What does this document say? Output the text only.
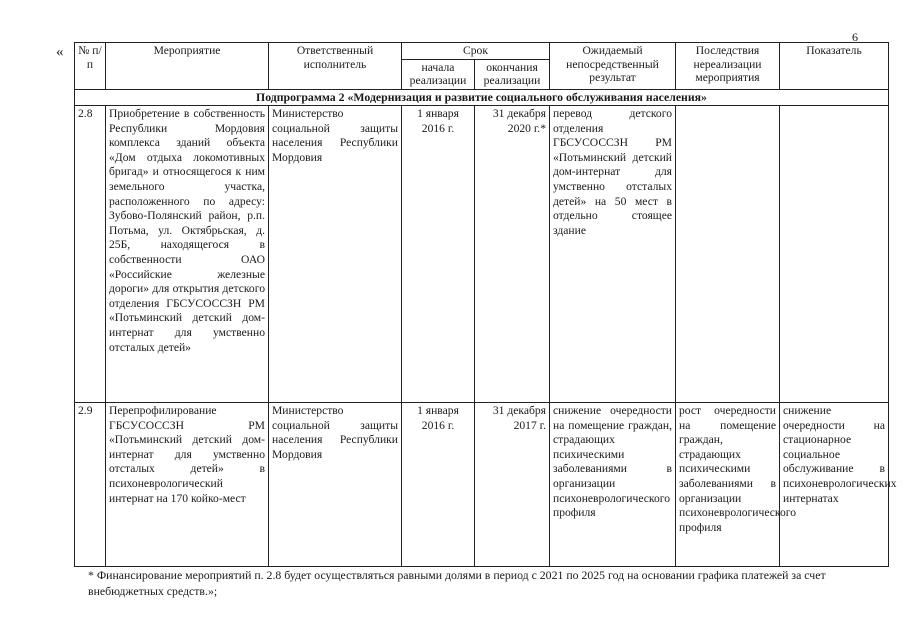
6
« № п/п	Мероприятие	Ответственный исполнитель	Срок		Ожидаемый непосредственный результат	Последствия нереализации мероприятия	Показатель
			начала реализации	окончания реализации			
Подпрограмма 2 «Модернизация и развитие социального обслуживания населения»							
2.8	Приобретение в собственность Республики Мордовия комплекса зданий объекта «Дом отдыха локомотивных бригад» и относящегося к ним земельного участка, расположенного по адресу: Зубово-Полянский район, р.п. Потьма, ул. Октябрьская, д. 25Б, находящегося в собственности ОАО «Российские железные дороги» для открытия детского отделения ГБСУСОССЗН РМ «Потьминский детский дом-интернат для умственно отсталых детей»	Министерство социальной защиты населения Республики Мордовия	1 января 2016 г.	31 декабря 2020 г.*	перевод детского отделения ГБСУСОССЗН РМ «Потьминский детский дом-интернат для умственно отсталых детей» на 50 мест в отдельно стоящее здание		
2.9	Перепрофилирование ГБСУСОССЗН РМ «Потьминский детский дом-интернат для умственно отсталых детей» в психоневрологический интернат на 170 койко-мест	Министерство социальной защиты населения Республики Мордовия	1 января 2016 г.	31 декабря 2017 г.	снижение очередности на помещение граждан, страдающих психическими заболеваниями в организации психоневрологического профиля	рост очередности на помещение граждан, страдающих психическими заболеваниями в организации психоневрологического профиля	снижение очередности на стационарное социальное обслуживание в психоневрологических интернатах
* Финансирование мероприятий п. 2.8 будет осуществляться равными долями в период с 2021 по 2025 год на основании графика платежей за счет внебюджетных средств.»;
